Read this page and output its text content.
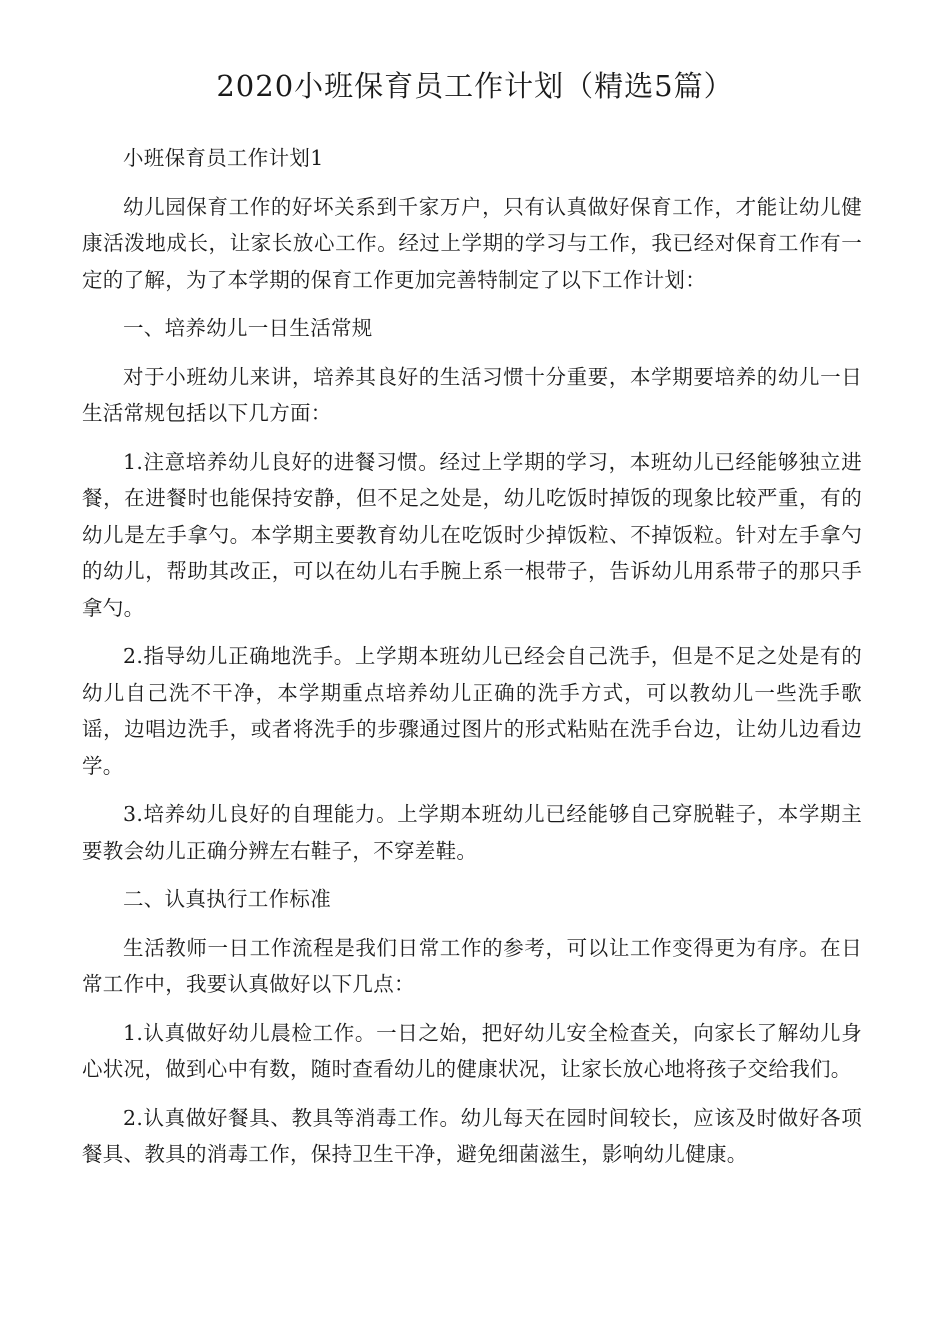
2020小班保育员工作计划（精选5篇）

小班保育员工作计划1

幼儿园保育工作的好坏关系到千家万户，只有认真做好保育工作，才能让幼儿健康活泼地成长，让家长放心工作。经过上学期的学习与工作，我已经对保育工作有一定的了解，为了本学期的保育工作更加完善特制定了以下工作计划：

一、培养幼儿一日生活常规

对于小班幼儿来讲，培养其良好的生活习惯十分重要，本学期要培养的幼儿一日生活常规包括以下几方面：

1.注意培养幼儿良好的进餐习惯。经过上学期的学习，本班幼儿已经能够独立进餐，在进餐时也能保持安静，但不足之处是，幼儿吃饭时掉饭的现象比较严重，有的幼儿是左手拿勺。本学期主要教育幼儿在吃饭时少掉饭粒、不掉饭粒。针对左手拿勺的幼儿，帮助其改正，可以在幼儿右手腕上系一根带子，告诉幼儿用系带子的那只手拿勺。

2.指导幼儿正确地洗手。上学期本班幼儿已经会自己洗手，但是不足之处是有的幼儿自己洗不干净，本学期重点培养幼儿正确的洗手方式，可以教幼儿一些洗手歌谣，边唱边洗手，或者将洗手的步骤通过图片的形式粘贴在洗手台边，让幼儿边看边学。

3.培养幼儿良好的自理能力。上学期本班幼儿已经能够自己穿脱鞋子，本学期主要教会幼儿正确分辨左右鞋子，不穿差鞋。

二、认真执行工作标准

生活教师一日工作流程是我们日常工作的参考，可以让工作变得更为有序。在日常工作中，我要认真做好以下几点：

1.认真做好幼儿晨检工作。一日之始，把好幼儿安全检查关，向家长了解幼儿身心状况，做到心中有数，随时查看幼儿的健康状况，让家长放心地将孩子交给我们。

2.认真做好餐具、教具等消毒工作。幼儿每天在园时间较长，应该及时做好各项餐具、教具的消毒工作，保持卫生干净，避免细菌滋生，影响幼儿健康。
